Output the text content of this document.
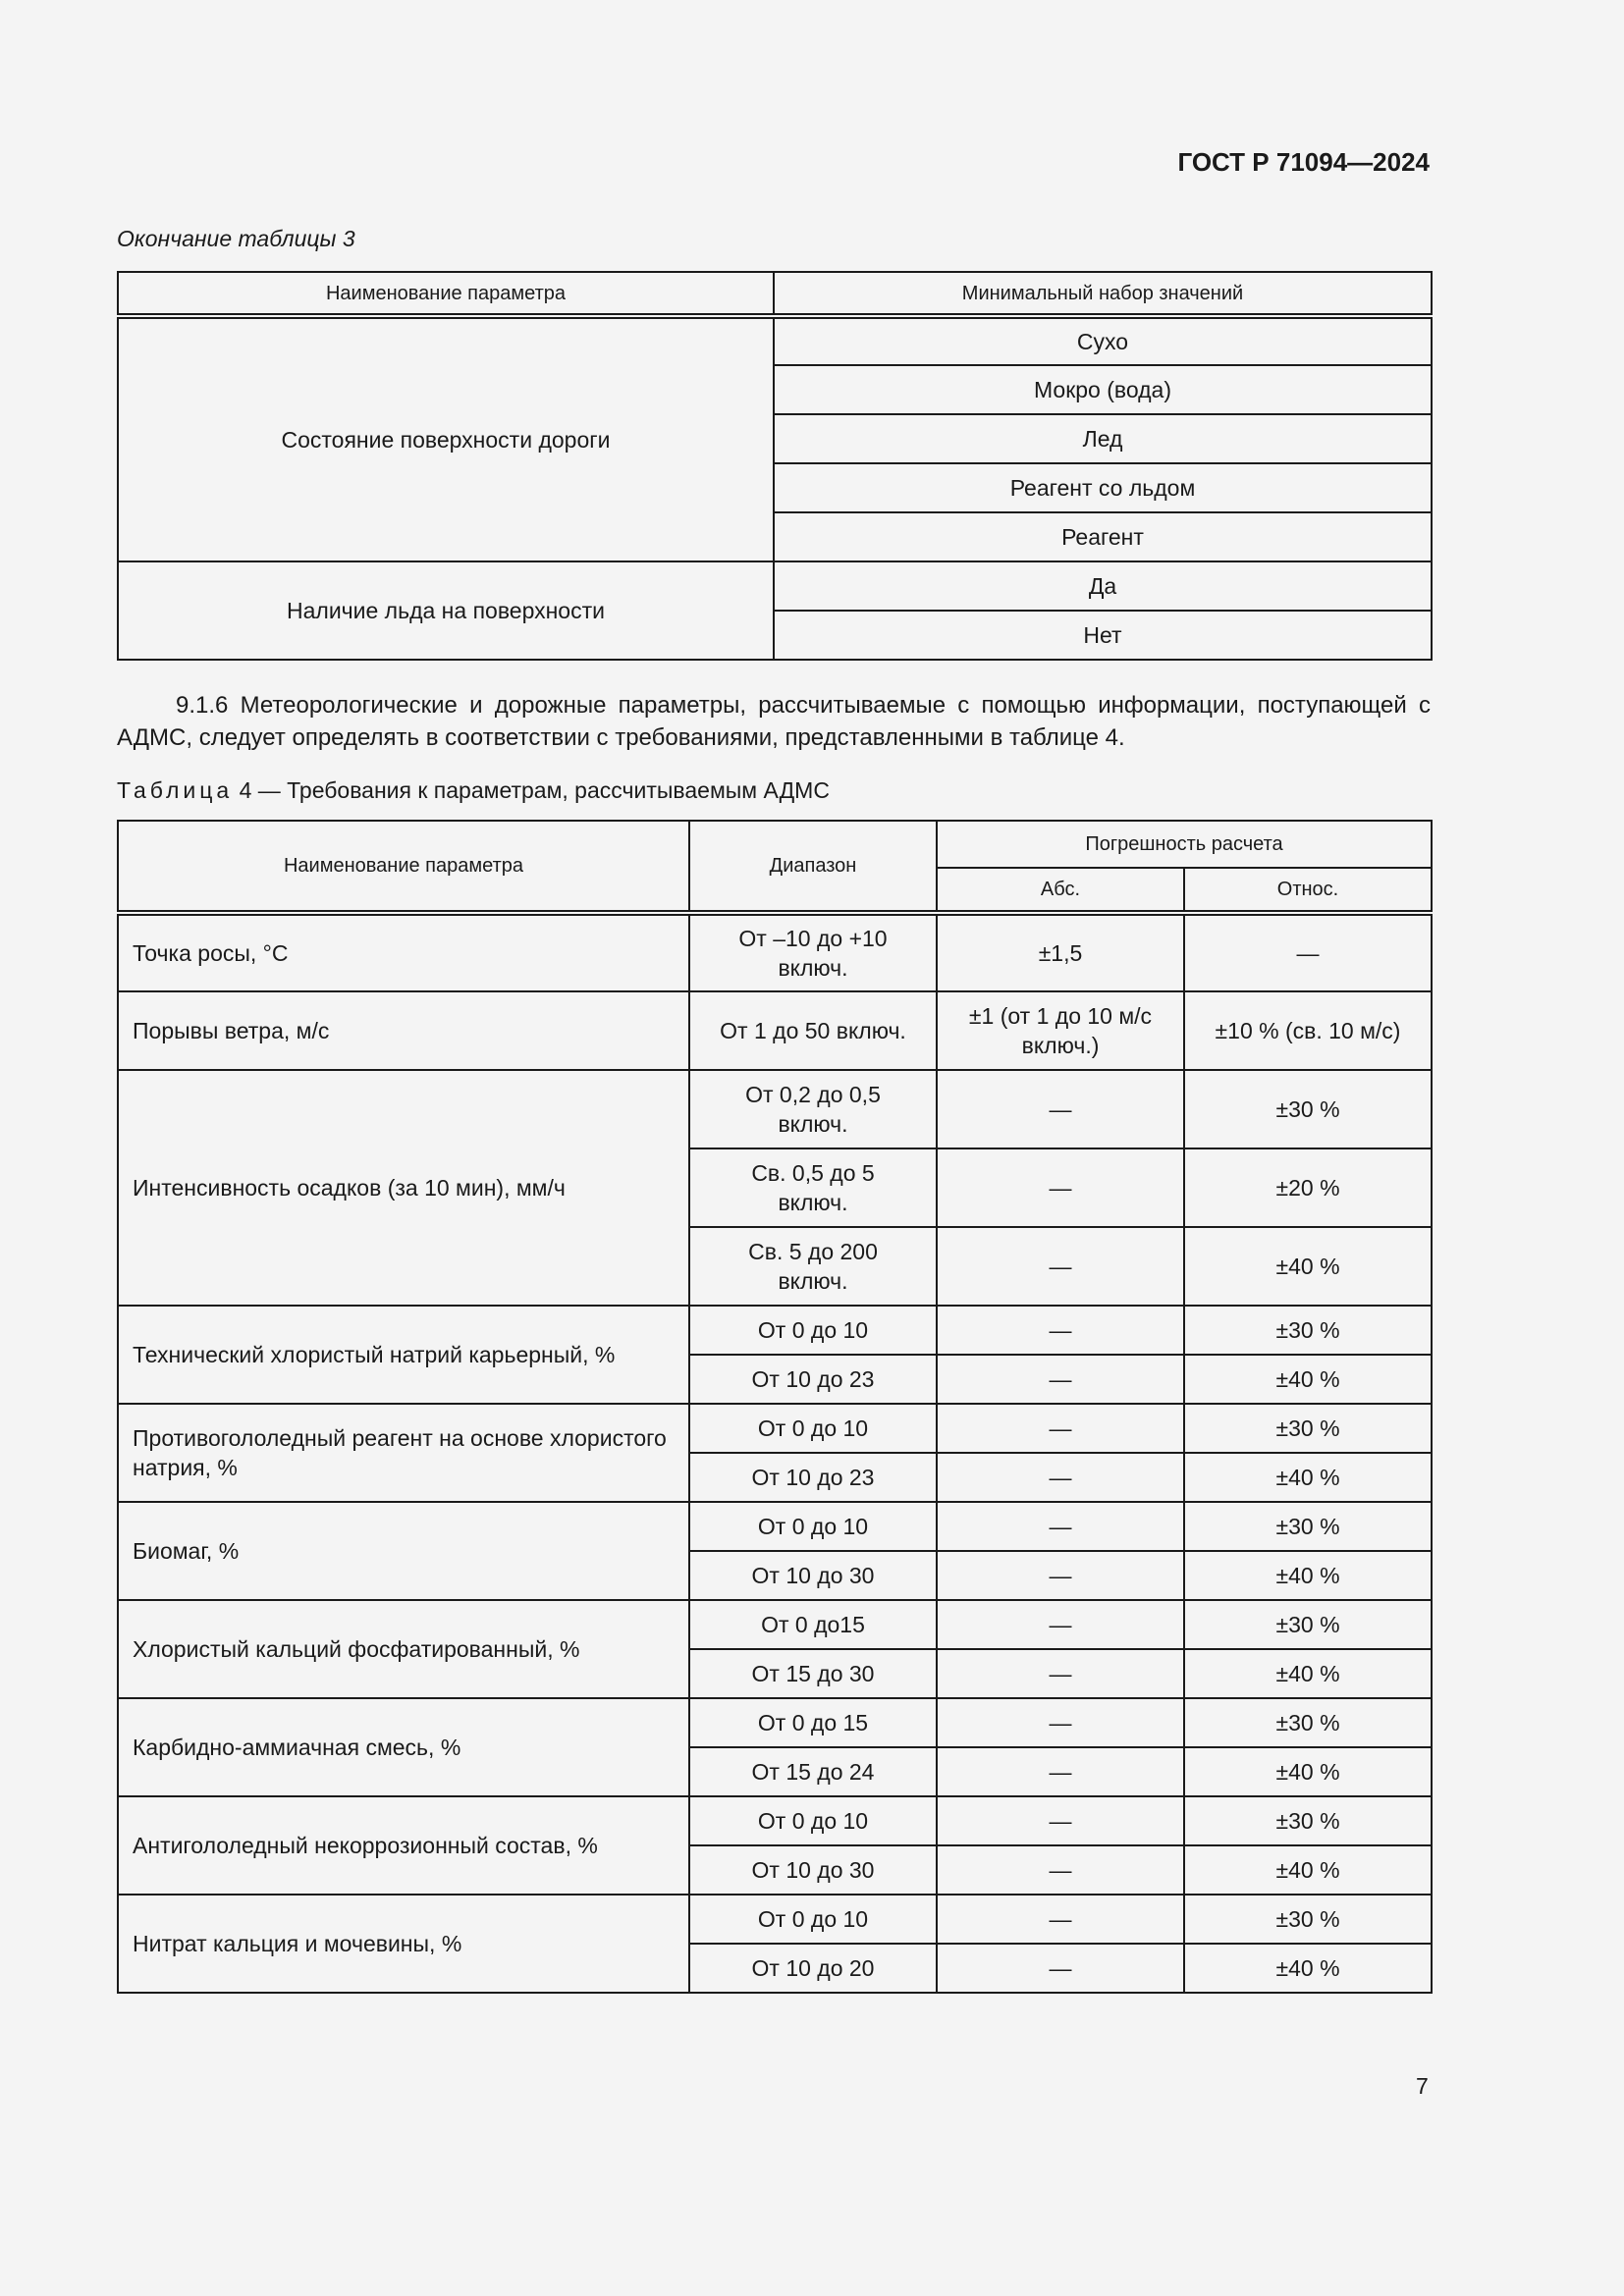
ГОСТ Р 71094—2024
Окончание таблицы 3
Наименование параметра	Минимальный набор значений
Состояние поверхности дороги	Сухо
	Мокро (вода)
	Лед
	Реагент со льдом
	Реагент
Наличие льда на поверхности	Да
	Нет
9.1.6 Метеорологические и дорожные параметры, рассчитываемые с помощью информации, поступающей с АДМС, следует определять в соответствии с требованиями, представленными в таблице 4.
Таблица 4 — Требования к параметрам, рассчитываемым АДМС
Наименование параметра	Диапазон	Погрешность расчета	
		Абс.	Относ.
Точка росы, °C	От –10 до +10 включ.	±1,5	—
Порывы ветра, м/с	От 1 до 50 включ.	±1 (от 1 до 10 м/с включ.)	±10 % (св. 10 м/с)
Интенсивность осадков (за 10 мин), мм/ч	От 0,2 до 0,5 включ.	—	±30 %
	Св. 0,5 до 5 включ.	—	±20 %
	Св. 5 до 200 включ.	—	±40 %
Технический хлористый натрий карьерный, %	От 0 до 10	—	±30 %
	От 10 до 23	—	±40 %
Противогололедный реагент на основе хлористого натрия, %	От 0 до 10	—	±30 %
	От 10 до 23	—	±40 %
Биомаг, %	От 0 до 10	—	±30 %
	От 10 до 30	—	±40 %
Хлористый кальций фосфатированный, %	От 0 до15	—	±30 %
	От 15 до 30	—	±40 %
Карбидно-аммиачная смесь, %	От 0 до 15	—	±30 %
	От 15 до 24	—	±40 %
Антигололедный некоррозионный состав, %	От 0 до 10	—	±30 %
	От 10 до 30	—	±40 %
Нитрат кальция и мочевины, %	От 0 до 10	—	±30 %
	От 10 до 20	—	±40 %
7
